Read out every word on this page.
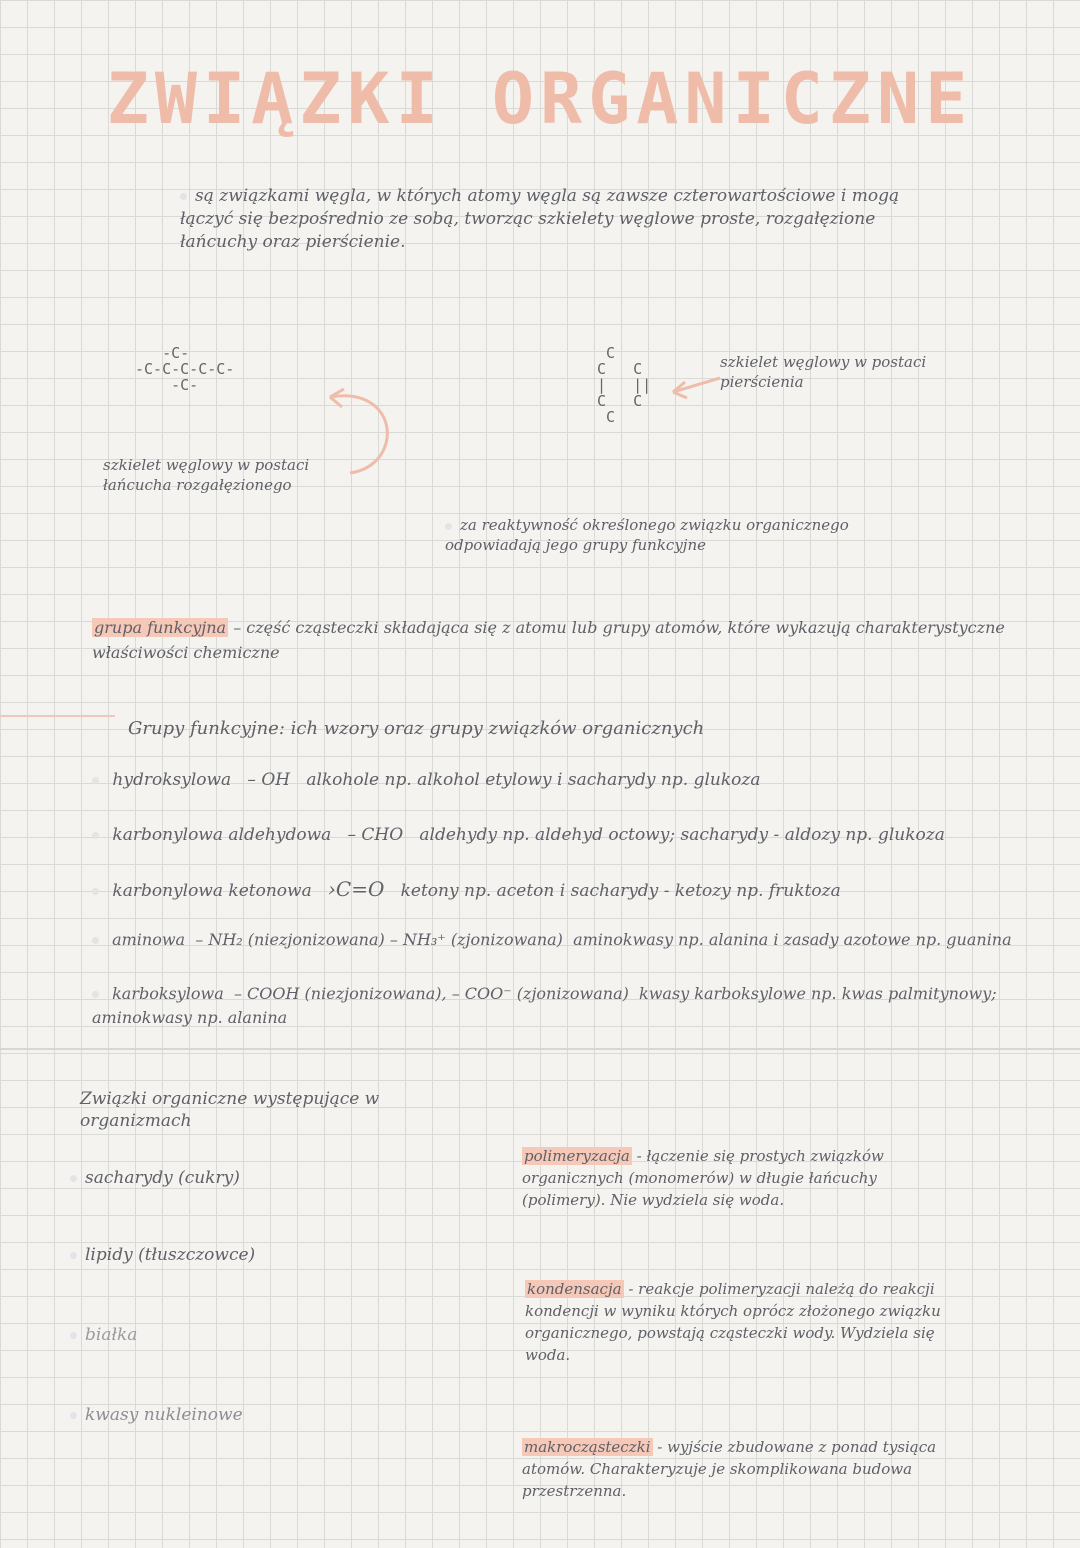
ZWIĄZKI ORGANICZNE
są związkami węgla, w których atomy węgla są zawsze czterowartościowe i mogą łączyć się bezpośrednio ze sobą, tworząc szkielety węglowe proste, rozgałęzione łańcuchy oraz pierścienie.
-C-
-C-C-C-C-C-
-C-
szkielet węglowy w postaci łańcucha rozgałęzionego
C
C   C
|   ||
C   C
C
szkielet węglowy w postaci pierścienia
za reaktywność określonego związku organicznego odpowiadają jego grupy funkcyjne
grupa funkcyjna – część cząsteczki składająca się z atomu lub grupy atomów, które wykazują charakterystyczne właściwości chemiczne
Grupy funkcyjne: ich wzory oraz grupy związków organicznych
hydroksylowa – OH alkohole np. alkohol etylowy i sacharydy np. glukoza
karbonylowa aldehydowa – CHO aldehydy np. aldehyd octowy; sacharydy - aldozy np. glukoza
karbonylowa ketonowa ›C=O ketony np. aceton i sacharydy - ketozy np. fruktoza
aminowa – NH₂ (niezjonizowana) – NH₃⁺ (zjonizowana) aminokwasy np. alanina i zasady azotowe np. guanina
karboksylowa – COOH (niezjonizowana), – COO⁻ (zjonizowana) kwasy karboksylowe np. kwas palmitynowy; aminokwasy np. alanina
Związki organiczne występujące w organizmach
sacharydy (cukry)
lipidy (tłuszczowce)
białka
kwasy nukleinowe
polimeryzacja - łączenie się prostych związków organicznych (monomerów) w długie łańcuchy (polimery). Nie wydziela się woda.
kondensacja - reakcje polimeryzacji należą do reakcji kondencji w wyniku których oprócz złożonego związku organicznego, powstają cząsteczki wody. Wydziela się woda.
makrocząsteczki - wyjście zbudowane z ponad tysiąca atomów. Charakteryzuje je skomplikowana budowa przestrzenna.
